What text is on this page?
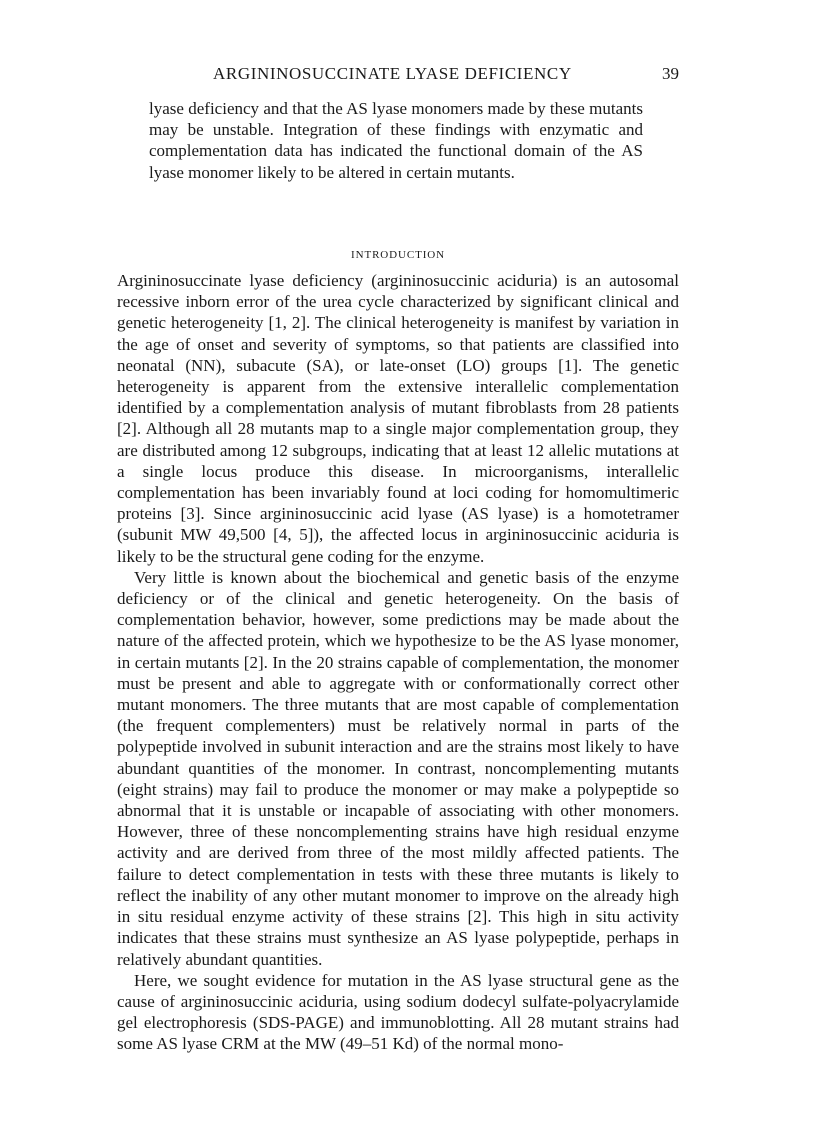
ARGININOSUCCINATE LYASE DEFICIENCY	39

lyase deficiency and that the AS lyase monomers made by these mutants may be unstable. Integration of these findings with enzymatic and complementation data has indicated the functional domain of the AS lyase monomer likely to be altered in certain mutants.

INTRODUCTION

Argininosuccinate lyase deficiency (argininosuccinic aciduria) is an autosomal recessive inborn error of the urea cycle characterized by significant clinical and genetic heterogeneity [1, 2]. The clinical heterogeneity is manifest by variation in the age of onset and severity of symptoms, so that patients are classified into neonatal (NN), subacute (SA), or late-onset (LO) groups [1]. The genetic heterogeneity is apparent from the extensive interallelic complementation identified by a complementation analysis of mutant fibroblasts from 28 patients [2]. Although all 28 mutants map to a single major complementation group, they are distributed among 12 subgroups, indicating that at least 12 allelic mutations at a single locus produce this disease. In microorganisms, interallelic complementation has been invariably found at loci coding for homomultimeric proteins [3]. Since argininosuccinic acid lyase (AS lyase) is a homotetramer (subunit MW 49,500 [4, 5]), the affected locus in argininosuccinic aciduria is likely to be the structural gene coding for the enzyme.

Very little is known about the biochemical and genetic basis of the enzyme deficiency or of the clinical and genetic heterogeneity. On the basis of complementation behavior, however, some predictions may be made about the nature of the affected protein, which we hypothesize to be the AS lyase monomer, in certain mutants [2]. In the 20 strains capable of complementation, the monomer must be present and able to aggregate with or conformationally correct other mutant monomers. The three mutants that are most capable of complementation (the frequent complementers) must be relatively normal in parts of the polypeptide involved in subunit interaction and are the strains most likely to have abundant quantities of the monomer. In contrast, noncomplementing mutants (eight strains) may fail to produce the monomer or may make a polypeptide so abnormal that it is unstable or incapable of associating with other monomers. However, three of these noncomplementing strains have high residual enzyme activity and are derived from three of the most mildly affected patients. The failure to detect complementation in tests with these three mutants is likely to reflect the inability of any other mutant monomer to improve on the already high in situ residual enzyme activity of these strains [2]. This high in situ activity indicates that these strains must synthesize an AS lyase polypeptide, perhaps in relatively abundant quantities.

Here, we sought evidence for mutation in the AS lyase structural gene as the cause of argininosuccinic aciduria, using sodium dodecyl sulfate-polyacrylamide gel electrophoresis (SDS-PAGE) and immunoblotting. All 28 mutant strains had some AS lyase CRM at the MW (49–51 Kd) of the normal mono-
